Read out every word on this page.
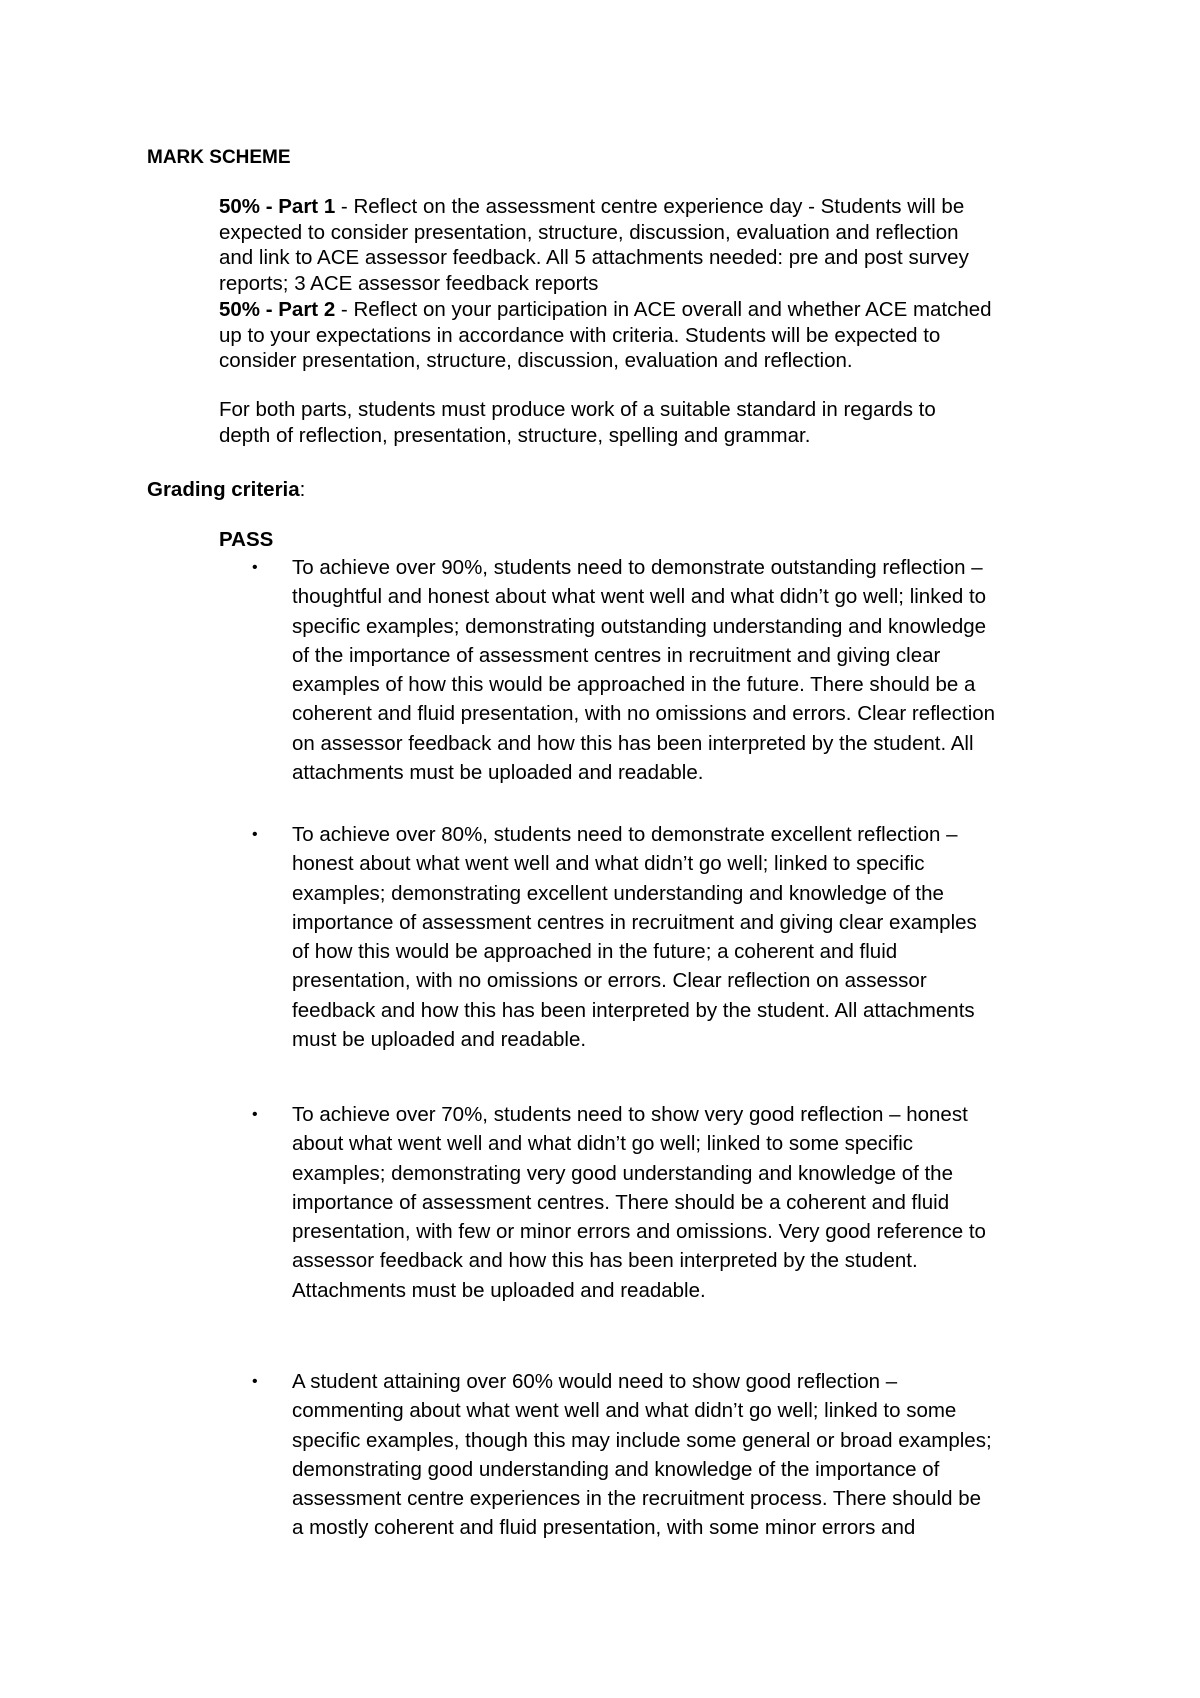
MARK SCHEME

50% - Part 1 - Reflect on the assessment centre experience day - Students will be
expected to consider presentation, structure, discussion, evaluation and reflection
and link to ACE assessor feedback. All 5 attachments needed: pre and post survey
reports; 3 ACE assessor feedback reports

50% - Part 2 - Reflect on your participation in ACE overall and whether ACE matched
up to your expectations in accordance with criteria. Students will be expected to
consider presentation, structure, discussion, evaluation and reflection.

For both parts, students must produce work of a suitable standard in regards to
depth of reflection, presentation, structure, spelling and grammar.

Grading criteria:

PASS

• To achieve over 90%, students need to demonstrate outstanding reflection –
thoughtful and honest about what went well and what didn’t go well; linked to
specific examples; demonstrating outstanding understanding and knowledge
of the importance of assessment centres in recruitment and giving clear
examples of how this would be approached in the future. There should be a
coherent and fluid presentation, with no omissions and errors. Clear reflection
on assessor feedback and how this has been interpreted by the student. All
attachments must be uploaded and readable.

• To achieve over 80%, students need to demonstrate excellent reflection –
honest about what went well and what didn’t go well; linked to specific
examples; demonstrating excellent understanding and knowledge of the
importance of assessment centres in recruitment and giving clear examples
of how this would be approached in the future; a coherent and fluid
presentation, with no omissions or errors. Clear reflection on assessor
feedback and how this has been interpreted by the student. All attachments
must be uploaded and readable.

• To achieve over 70%, students need to show very good reflection – honest
about what went well and what didn’t go well; linked to some specific
examples; demonstrating very good understanding and knowledge of the
importance of assessment centres. There should be a coherent and fluid
presentation, with few or minor errors and omissions. Very good reference to
assessor feedback and how this has been interpreted by the student.
Attachments must be uploaded and readable.

• A student attaining over 60% would need to show good reflection –
commenting about what went well and what didn’t go well; linked to some
specific examples, though this may include some general or broad examples;
demonstrating good understanding and knowledge of the importance of
assessment centre experiences in the recruitment process. There should be
a mostly coherent and fluid presentation, with some minor errors and
